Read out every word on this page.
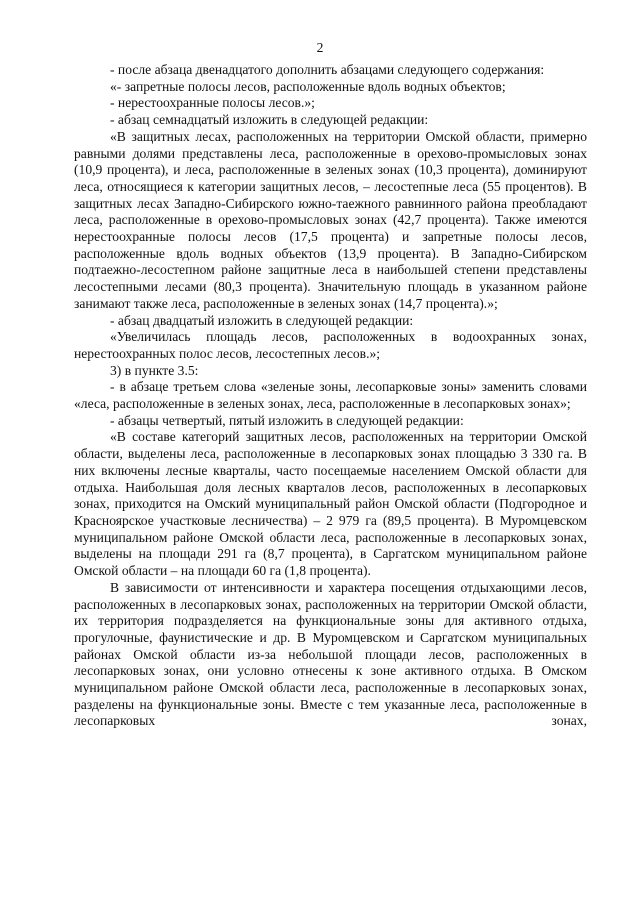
2

- после абзаца двенадцатого дополнить абзацами следующего содержания:

«- запретные полосы лесов, расположенные вдоль водных объектов;

- нерестоохранные полосы лесов.»;

- абзац семнадцатый изложить в следующей редакции:

«В защитных лесах, расположенных на территории Омской области, примерно равными долями представлены леса, расположенные в орехово-промысловых зонах (10,9 процента), и леса, расположенные в зеленых зонах (10,3 процента), доминируют леса, относящиеся к категории защитных лесов, – лесостепные леса (55 процентов). В защитных лесах Западно-Сибирского южно-таежного равнинного района преобладают леса, расположенные в орехово-промысловых зонах (42,7 процента). Также имеются нерестоохранные полосы лесов (17,5 процента) и запретные полосы лесов, расположенные вдоль водных объектов (13,9 процента). В Западно-Сибирском подтаежно-лесостепном районе защитные леса в наибольшей степени представлены лесостепными лесами (80,3 процента). Значительную площадь в указанном районе занимают также леса, расположенные в зеленых зонах (14,7 процента).»;

- абзац двадцатый изложить в следующей редакции:

«Увеличилась площадь лесов, расположенных в водоохранных зонах, нерестоохранных полос лесов, лесостепных лесов.»;

3) в пункте 3.5:

- в абзаце третьем слова «зеленые зоны, лесопарковые зоны» заменить словами «леса, расположенные в зеленых зонах, леса, расположенные в лесопарковых зонах»;

- абзацы четвертый, пятый изложить в следующей редакции:

«В составе категорий защитных лесов, расположенных на территории Омской области, выделены леса, расположенные в лесопарковых зонах площадью 3 330 га. В них включены лесные кварталы, часто посещаемые населением Омской области для отдыха. Наибольшая доля лесных кварталов лесов, расположенных в лесопарковых зонах, приходится на Омский муниципальный район Омской области (Подгородное и Красноярское участковые лесничества) – 2 979 га (89,5 процента). В Муромцевском муниципальном районе Омской области леса, расположенные в лесопарковых зонах, выделены на площади 291 га (8,7 процента), в Саргатском муниципальном районе Омской области – на площади 60 га (1,8 процента).

В зависимости от интенсивности и характера посещения отдыхающими лесов, расположенных в лесопарковых зонах, расположенных на территории Омской области, их территория подразделяется на функциональные зоны для активного отдыха, прогулочные, фаунистические и др. В Муромцевском и Саргатском муниципальных районах Омской области из-за небольшой площади лесов, расположенных в лесопарковых зонах, они условно отнесены к зоне активного отдыха. В Омском муниципальном районе Омской области леса, расположенные в лесопарковых зонах, разделены на функциональные зоны. Вместе с тем указанные леса, расположенные в лесопарковых зонах,
